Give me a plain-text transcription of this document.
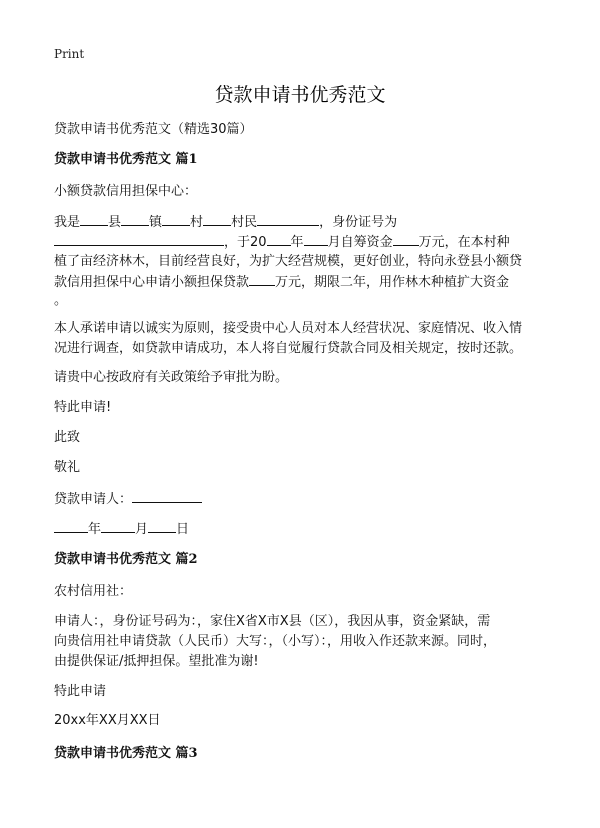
Print
贷款申请书优秀范文
贷款申请书优秀范文（精选30篇）
贷款申请书优秀范文 篇1
小额贷款信用担保中心：
我是 县 镇 村 村民	，身份证号为
，于20 年 月自筹资金 万元，在本村种
植了亩经济林木，目前经营良好，为扩大经营规模，更好创业，特向永登县小额贷
款信用担保中心申请小额担保贷款 万元，期限二年，用作林木种植扩大资金
。
本人承诺申请以诚实为原则，接受贵中心人员对本人经营状况、家庭情况、收入情
况进行调查，如贷款申请成功，本人将自觉履行贷款合同及相关规定，按时还款。
请贵中心按政府有关政策给予审批为盼。
特此申请!
此致
敬礼
贷款申请人：
年	月 日
贷款申请书优秀范文 篇2
农村信用社：
申请人：，身份证号码为：，家住X省X市X县（区），我因从事，资金紧缺，需
向贵信用社申请贷款（人民币）大写：，（小写）：，用收入作还款来源。同时，
由提供保证/抵押担保。望批准为谢!
特此申请
20xx年XX月XX日
贷款申请书优秀范文 篇3
